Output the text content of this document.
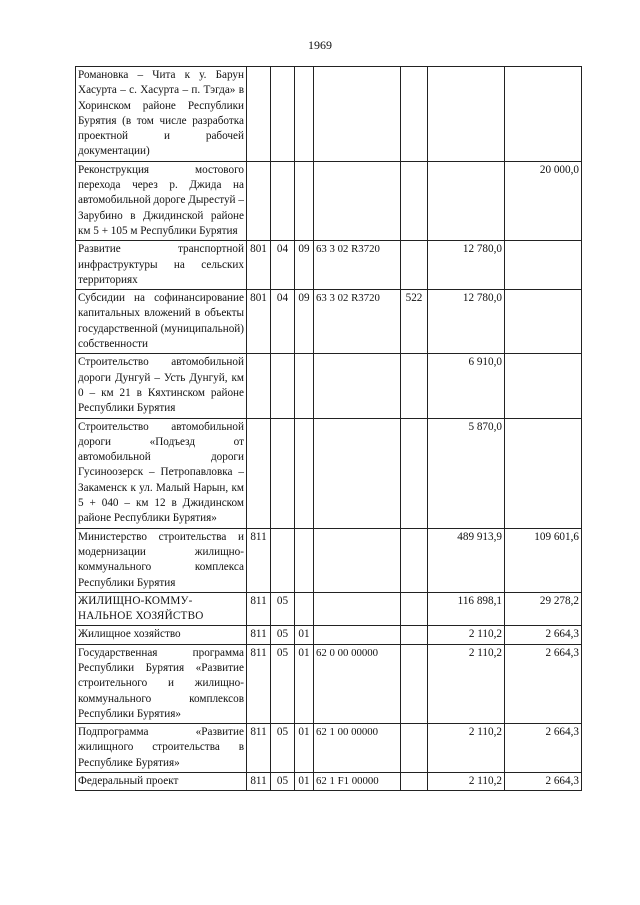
1969
Романовка – Чита к у. Барун Хасурта – с. Хасурта – п. Тэгда» в Хоринском районе Республики Бурятия (в том числе разработка проектной и рабочей документации)							
Реконструкция мостового перехода через р. Джида на автомобильной дороге Дырестуй – Зарубино в Джидинской районе км 5 + 105 м Республики Бурятия							20 000,0
Развитие транспортной инфраструктуры на сельских территориях	801	04	09	63 3 02 R3720		12 780,0	
Субсидии на софинансирование капитальных вложений в объекты государственной (муниципальной) собственности	801	04	09	63 3 02 R3720	522	12 780,0	
Строительство автомобильной дороги Дунгуй – Усть Дунгуй, км 0 – км 21 в Кяхтинском районе Республики Бурятия						6 910,0	
Строительство автомобильной дороги «Подъезд от автомобильной дороги Гусиноозерск – Петропавловка – Закаменск к ул. Малый Нарын, км 5 + 040 – км 12 в Джидинском районе Республики Бурятия»						5 870,0	
Министерство строительства и модернизации жилищно-коммунального комплекса Республики Бурятия	811					489 913,9	109 601,6
ЖИЛИЩНО-КОММУ-НАЛЬНОЕ ХОЗЯЙСТВО	811	05				116 898,1	29 278,2
Жилищное хозяйство	811	05	01			2 110,2	2 664,3
Государственная программа Республики Бурятия «Развитие строительного и жилищно-коммунального комплексов Республики Бурятия»	811	05	01	62 0 00 00000		2 110,2	2 664,3
Подпрограмма «Развитие жилищного строительства в Республике Бурятия»	811	05	01	62 1 00 00000		2 110,2	2 664,3
Федеральный проект	811	05	01	62 1 F1 00000		2 110,2	2 664,3
